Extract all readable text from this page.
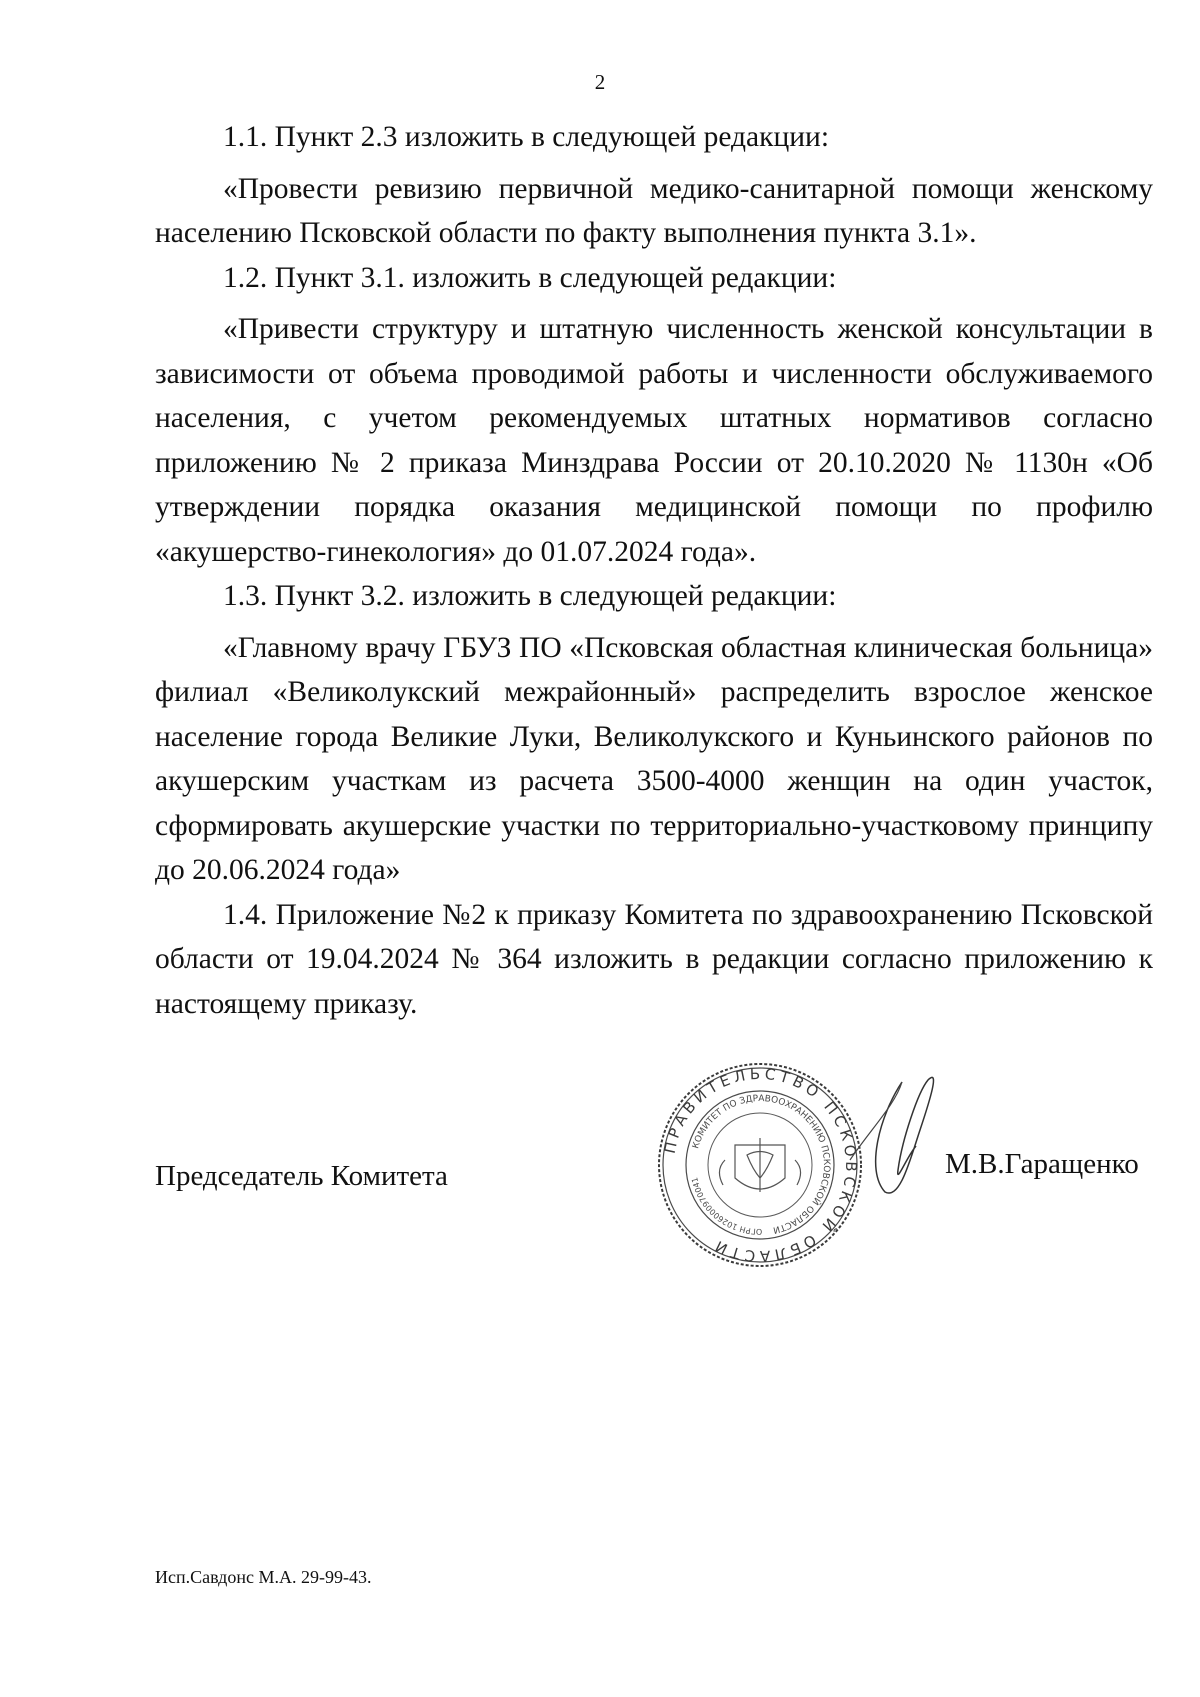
2

1.1. Пункт 2.3 изложить в следующей редакции:

«Провести ревизию первичной медико-санитарной помощи женскому населению Псковской области по факту выполнения пункта 3.1».

1.2. Пункт 3.1. изложить в следующей редакции:

«Привести структуру и штатную численность женской консультации в зависимости от объема проводимой работы и численности обслуживаемого населения, с учетом рекомендуемых штатных нормативов согласно приложению № 2 приказа Минздрава России от 20.10.2020 № 1130н «Об утверждении порядка оказания медицинской помощи по профилю «акушерство-гинекология» до 01.07.2024 года».

1.3. Пункт 3.2. изложить в следующей редакции:

«Главному врачу ГБУЗ ПО «Псковская областная клиническая больница» филиал «Великолукский межрайонный» распределить взрослое женское население города Великие Луки, Великолукского и Куньинского районов по акушерским участкам из расчета 3500-4000 женщин на один участок, сформировать акушерские участки по территориально-участковому принципу до 20.06.2024 года»

1.4. Приложение №2 к приказу Комитета по здравоохранению Псковской области от 19.04.2024 № 364 изложить в редакции согласно приложению к настоящему приказу.

Председатель Комитета
ПРАВИТЕЛЬСТВО ПСКОВСКОЙ ОБЛАСТИ
КОМИТЕТ ПО ЗДРАВООХРАНЕНИЮ ПСКОВСКОЙ ОБЛАСТИ
ОГРН 1026000970041	М.В.Гаращенко
Исп.Савдонс М.А. 29-99-43.
